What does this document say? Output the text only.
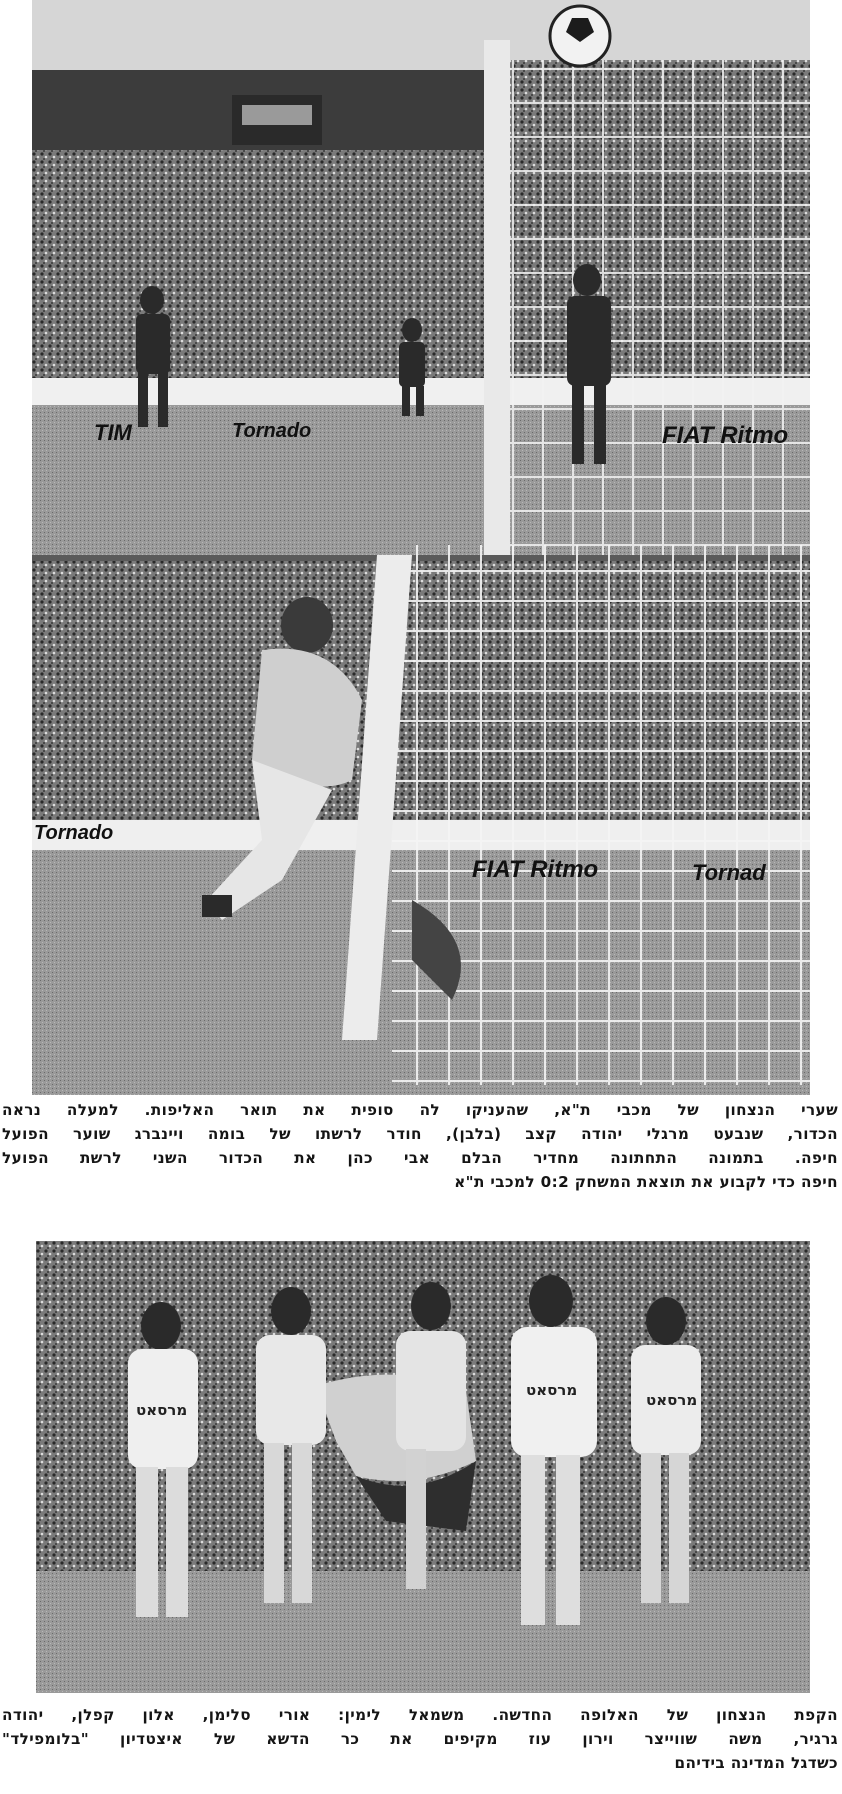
TIM	Tornado	FIAT Ritmo
Tornado
FIAT Ritmo	Tornad
שערי הנצחון של מכבי ת"א, שהעניקו לה סופית את תואר האליפות. למעלה נראה
הכדור, שנבעט מרגלי יהודה קצב (בלבן), חודר לרשתו של בומה ויינברג שוער הפועל
חיפה. בתמונה התחתונה מחדיר הבלם אבי כהן את הכדור השני לרשת הפועל
חיפה כדי לקבוע את תוצאת המשחק 0:2 למכבי ת"א
מרסאט
מרסאט
מרסאט
הקפת הנצחון של האלופה החדשה. משמאל לימין: אורי סלימן, אלון קפלן, יהודה
גרגיר, משה שווייצר וירון עוז מקיפים את כר הדשא של איצטדיון "בלומפילד"
כשדגל המדינה בידיהם
